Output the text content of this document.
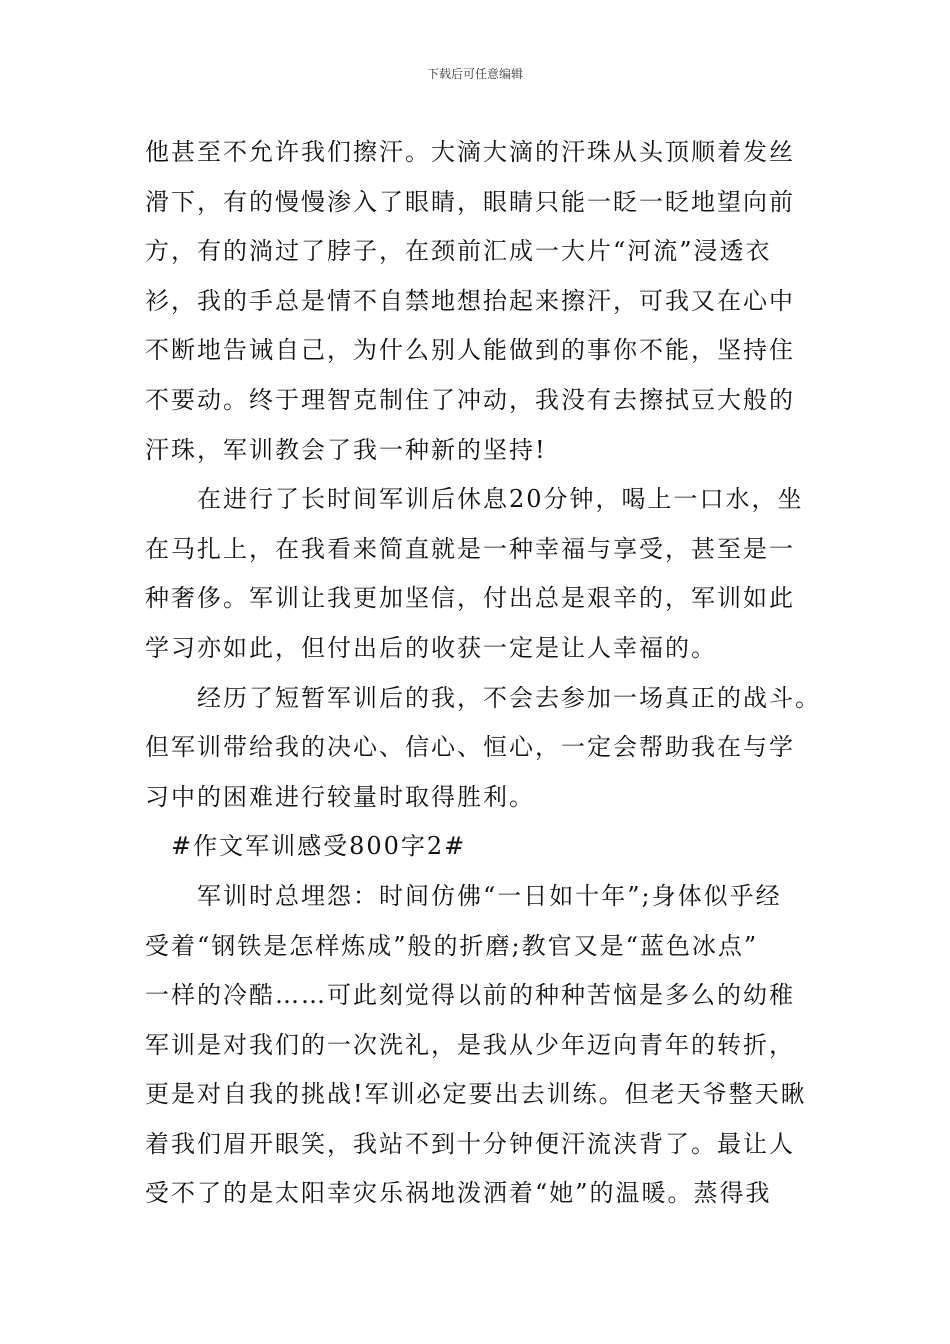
下载后可任意编辑
他甚至不允许我们擦汗。大滴大滴的汗珠从头顶顺着发丝
滑下，有的慢慢渗入了眼睛，眼睛只能一眨一眨地望向前
方，有的淌过了脖子，在颈前汇成一大片“河流”浸透衣
衫，我的手总是情不自禁地想抬起来擦汗，可我又在心中
不断地告诫自己，为什么别人能做到的事你不能，坚持住
不要动。终于理智克制住了冲动，我没有去擦拭豆大般的
汗珠，军训教会了我一种新的坚持!
　　在进行了长时间军训后休息20分钟，喝上一口水，坐
在马扎上，在我看来简直就是一种幸福与享受，甚至是一
种奢侈。军训让我更加坚信，付出总是艰辛的，军训如此
学习亦如此，但付出后的收获一定是让人幸福的。
　　经历了短暂军训后的我，不会去参加一场真正的战斗。
但军训带给我的决心、信心、恒心，一定会帮助我在与学
习中的困难进行较量时取得胜利。
　#作文军训感受800字2#
　　军训时总埋怨：时间仿佛“一日如十年”;身体似乎经
受着“钢铁是怎样炼成”般的折磨;教官又是“蓝色冰点”
一样的冷酷……可此刻觉得以前的种种苦恼是多么的幼稚
军训是对我们的一次洗礼，是我从少年迈向青年的转折，
更是对自我的挑战!军训必定要出去训练。但老天爷整天瞅
着我们眉开眼笑，我站不到十分钟便汗流浃背了。最让人
受不了的是太阳幸灾乐祸地泼洒着“她”的温暖。蒸得我
